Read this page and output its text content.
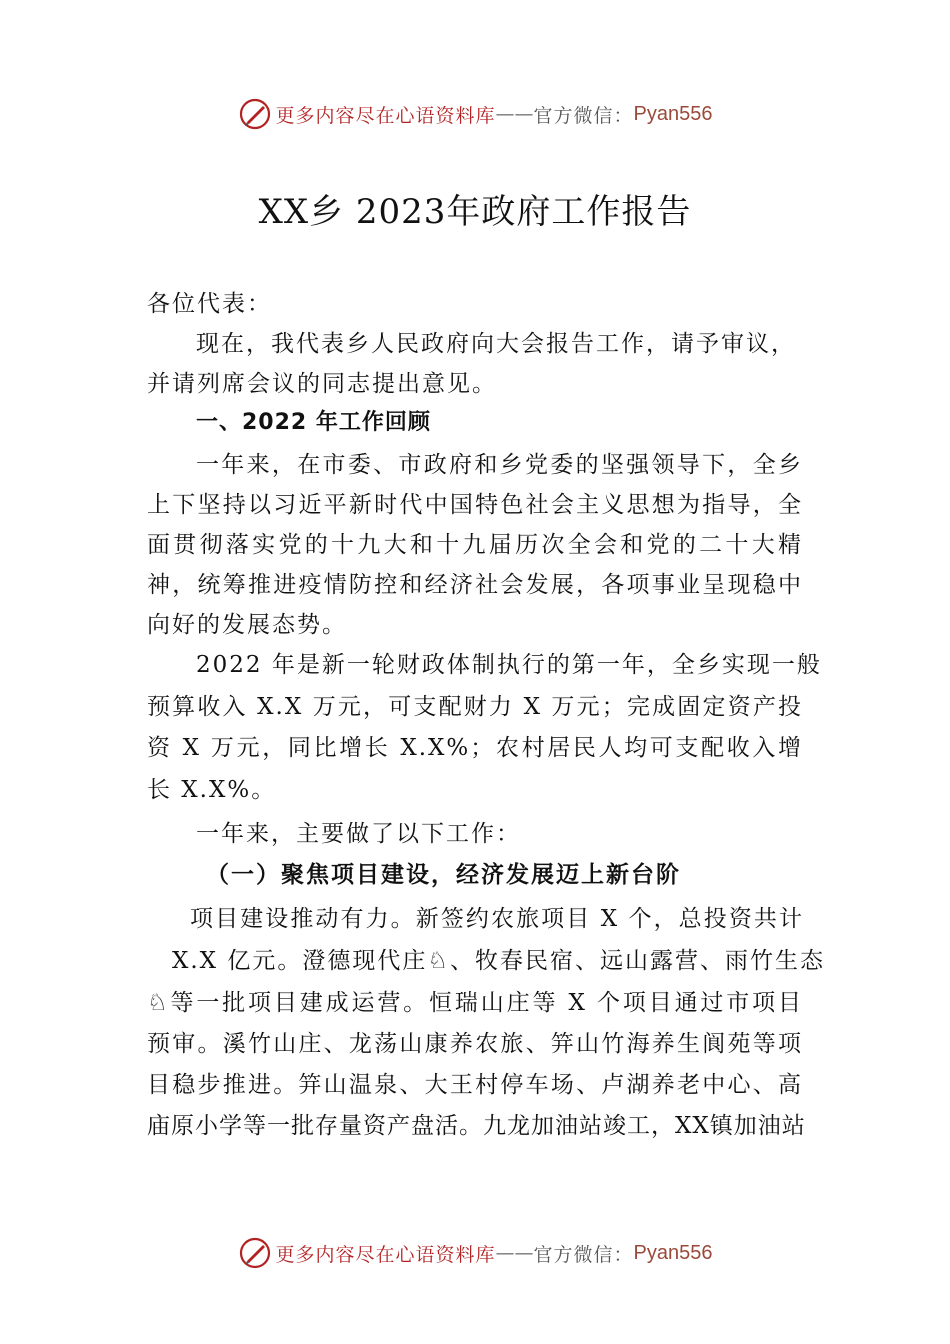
更多内容尽在心语资料库 —— 官方微信： Pyan556
XX乡 2023年政府工作报告
各位代表：
现在，我代表乡人民政府向大会报告工作，请予审议，
并请列席会议的同志提出意见。
一、2022 年工作回顾
一年来，在市委、市政府和乡党委的坚强领导下，全乡
上下坚持以习近平新时代中国特色社会主义思想为指导，全
面贯彻落实党的十九大和十九届历次全会和党的二十大精
神，统筹推进疫情防控和经济社会发展，各项事业呈现稳中
向好的发展态势。
2022 年是新一轮财政体制执行的第一年，全乡实现一般
预算收入 X.X 万元，可支配财力 X 万元；完成固定资产投
资 X 万元，同比增长 X.X%；农村居民人均可支配收入增
长 X.X%。
一年来，主要做了以下工作：
（一）聚焦项目建设，经济发展迈上新台阶
项目建设推动有力。新签约农旅项目 X 个，总投资共计
X.X 亿元。澄德现代庄♘、牧春民宿、远山露营、雨竹生态
♘等一批项目建成运营。恒瑞山庄等 X 个项目通过市项目
预审。溪竹山庄、龙荡山康养农旅、笄山竹海养生阆苑等项
目稳步推进。笄山温泉、大王村停车场、卢湖养老中心、高
庙原小学等一批存量资产盘活。九龙加油站竣工，XX镇加油站
更多内容尽在心语资料库 —— 官方微信： Pyan556
